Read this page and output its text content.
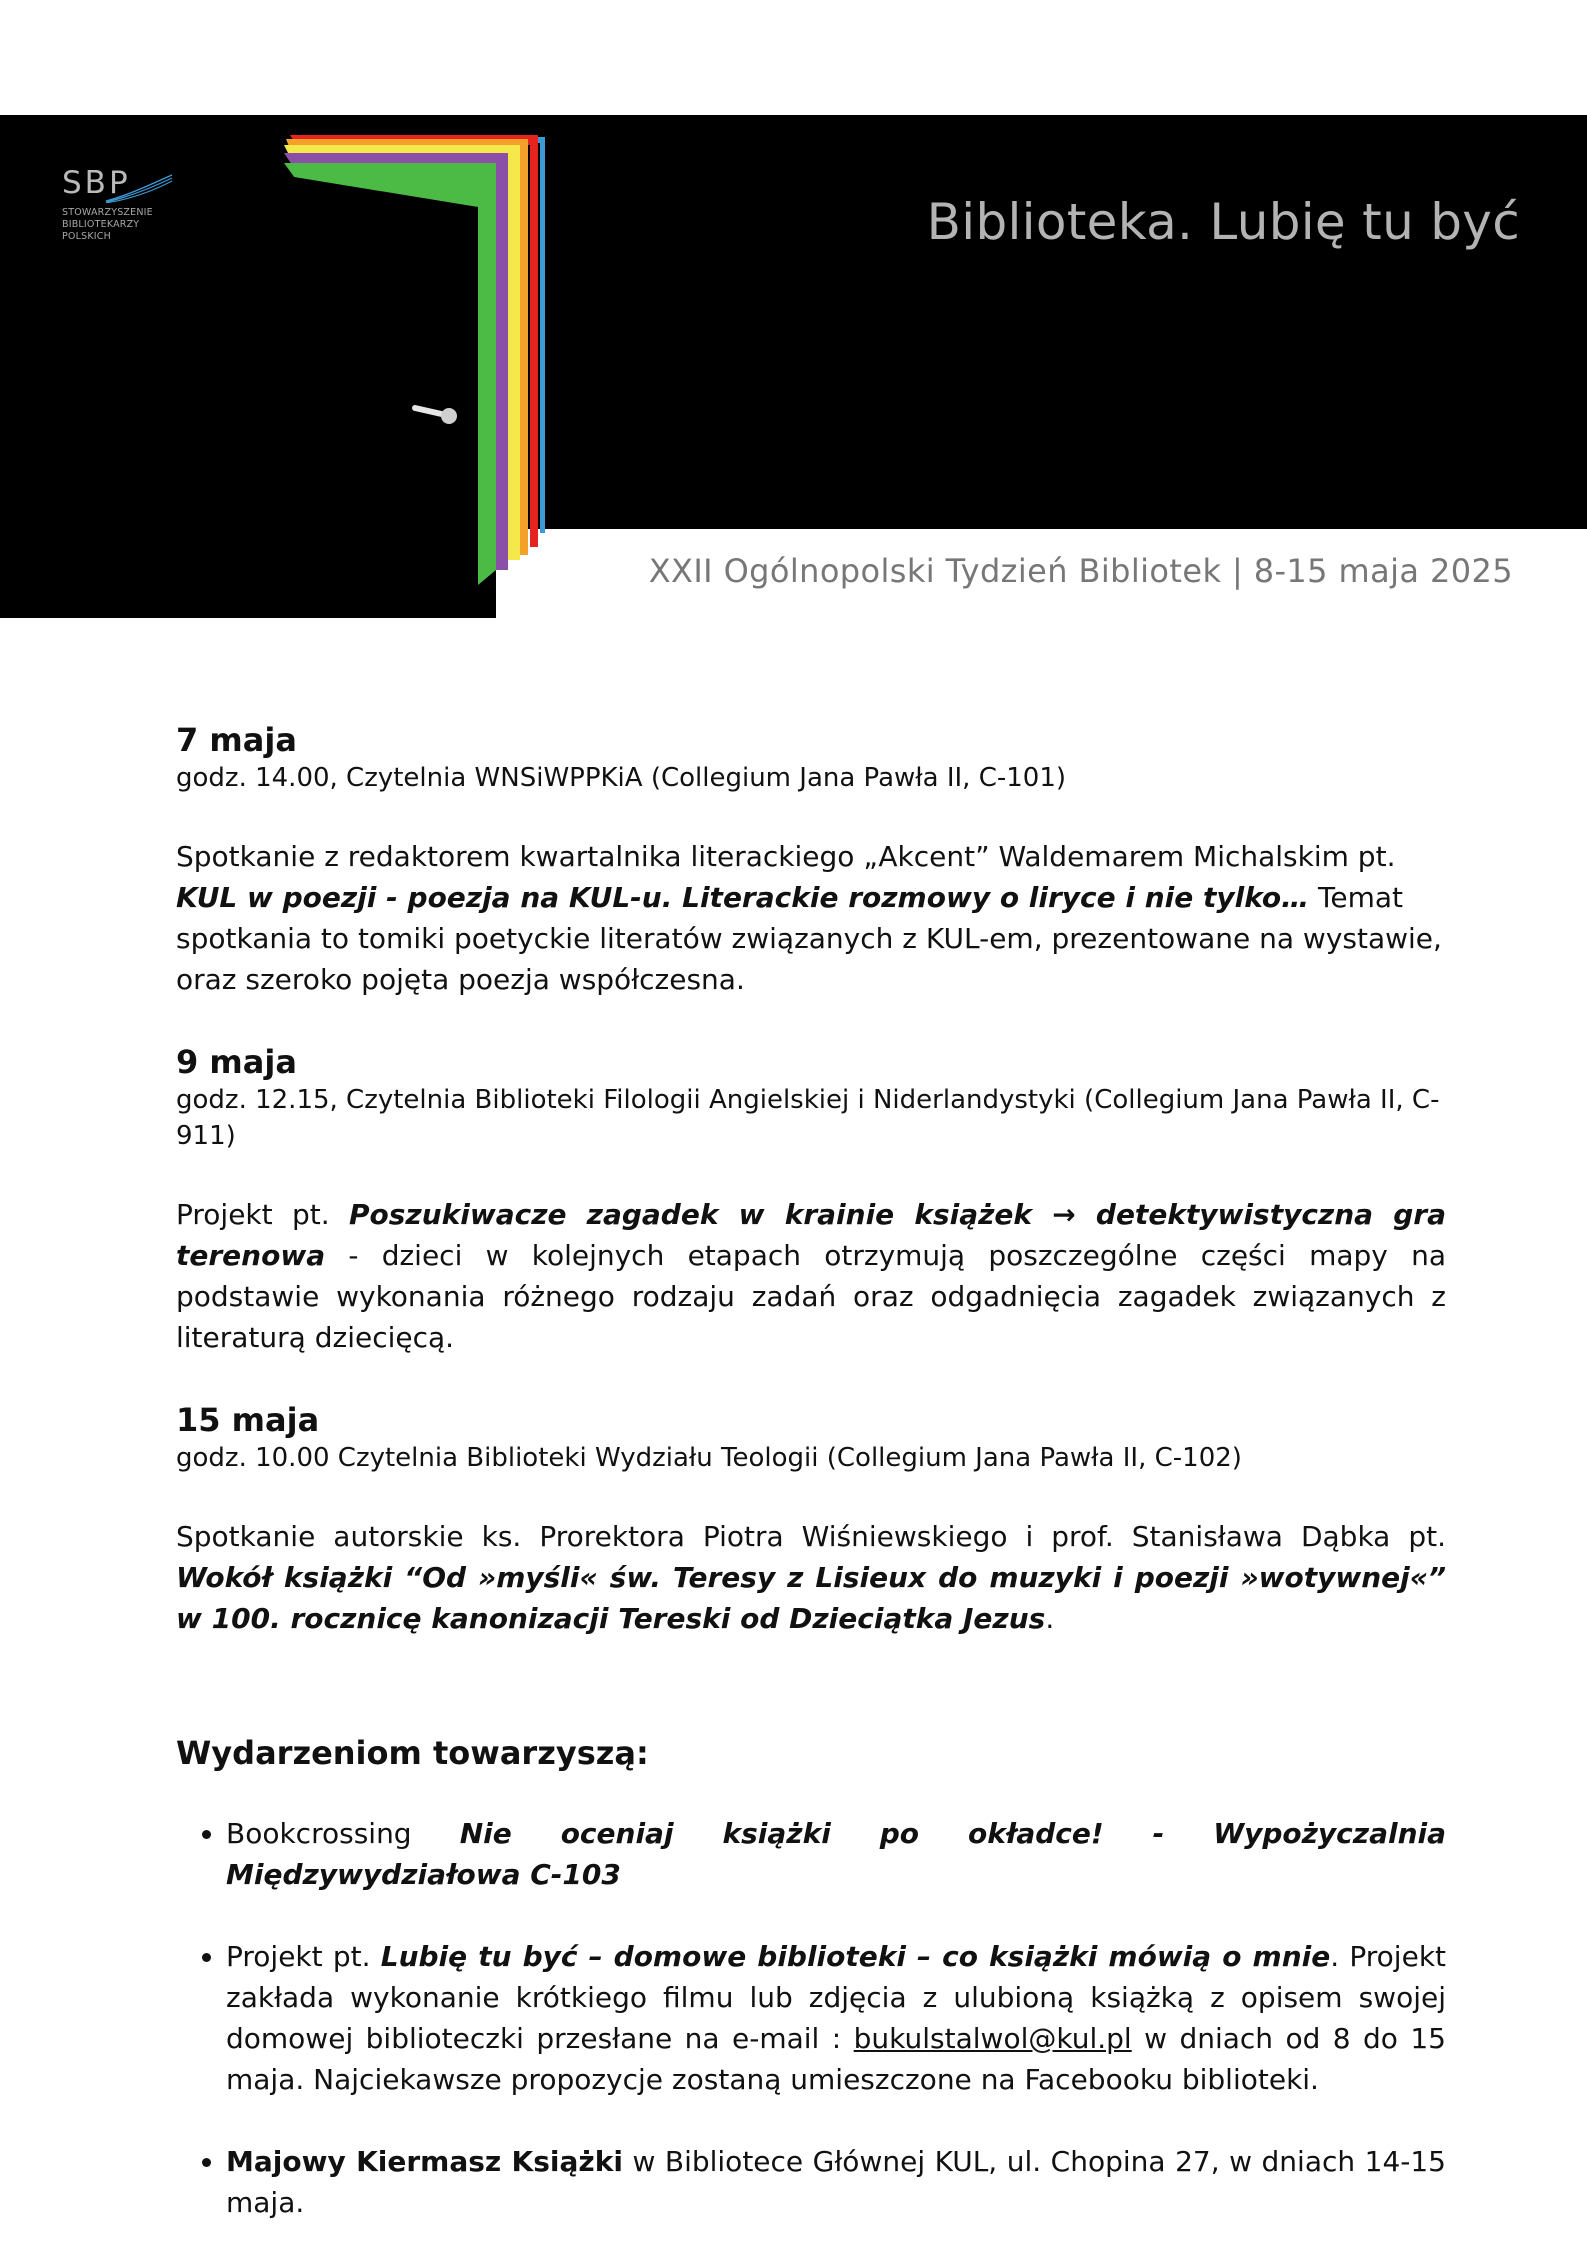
SBP
STOWARZYSZENIE
BIBLIOTEKARZY
POLSKICH	Biblioteka. Lubię tu być
XXII Ogólnopolski Tydzień Bibliotek | 8-15 maja 2025

7 maja

godz. 14.00, Czytelnia WNSiWPPKiA (Collegium Jana Pawła II, C-101)

Spotkanie z redaktorem kwartalnika literackiego „Akcent” Waldemarem Michalskim pt. KUL w poezji - poezja na KUL-u. Literackie rozmowy o liryce i nie tylko… Temat spotkania to tomiki poetyckie literatów związanych z KUL-em, prezentowane na wystawie, oraz szeroko pojęta poezja współczesna.

9 maja

godz. 12.15, Czytelnia Biblioteki Filologii Angielskiej i Niderlandystyki (Collegium Jana Pawła II, C-911)

Projekt pt. Poszukiwacze zagadek w krainie książek → detektywistyczna gra terenowa - dzieci w kolejnych etapach otrzymują poszczególne części mapy na podstawie wykonania różnego rodzaju zadań oraz odgadnięcia zagadek związanych z literaturą dziecięcą.

15 maja

godz. 10.00 Czytelnia Biblioteki Wydziału Teologii (Collegium Jana Pawła II, C-102)

Spotkanie autorskie ks. Prorektora Piotra Wiśniewskiego i prof. Stanisława Dąbka pt. Wokół książki “Od »myśli« św. Teresy z Lisieux do muzyki i poezji »wotywnej«” w 100. rocznicę kanonizacji Tereski od Dzieciątka Jezus.

Wydarzeniom towarzyszą:

• Bookcrossing Nie oceniaj książki po okładce! - Wypożyczalnia Międzywydziałowa C-103
• Projekt pt. Lubię tu być – domowe biblioteki – co książki mówią o mnie. Projekt zakłada wykonanie krótkiego filmu lub zdjęcia z ulubioną książką z opisem swojej domowej biblioteczki przesłane na e-mail : bukulstalwol@kul.pl w dniach od 8 do 15 maja. Najciekawsze propozycje zostaną umieszczone na Facebooku biblioteki.
• Majowy Kiermasz Książki w Bibliotece Głównej KUL, ul. Chopina 27, w dniach 14-15 maja.
